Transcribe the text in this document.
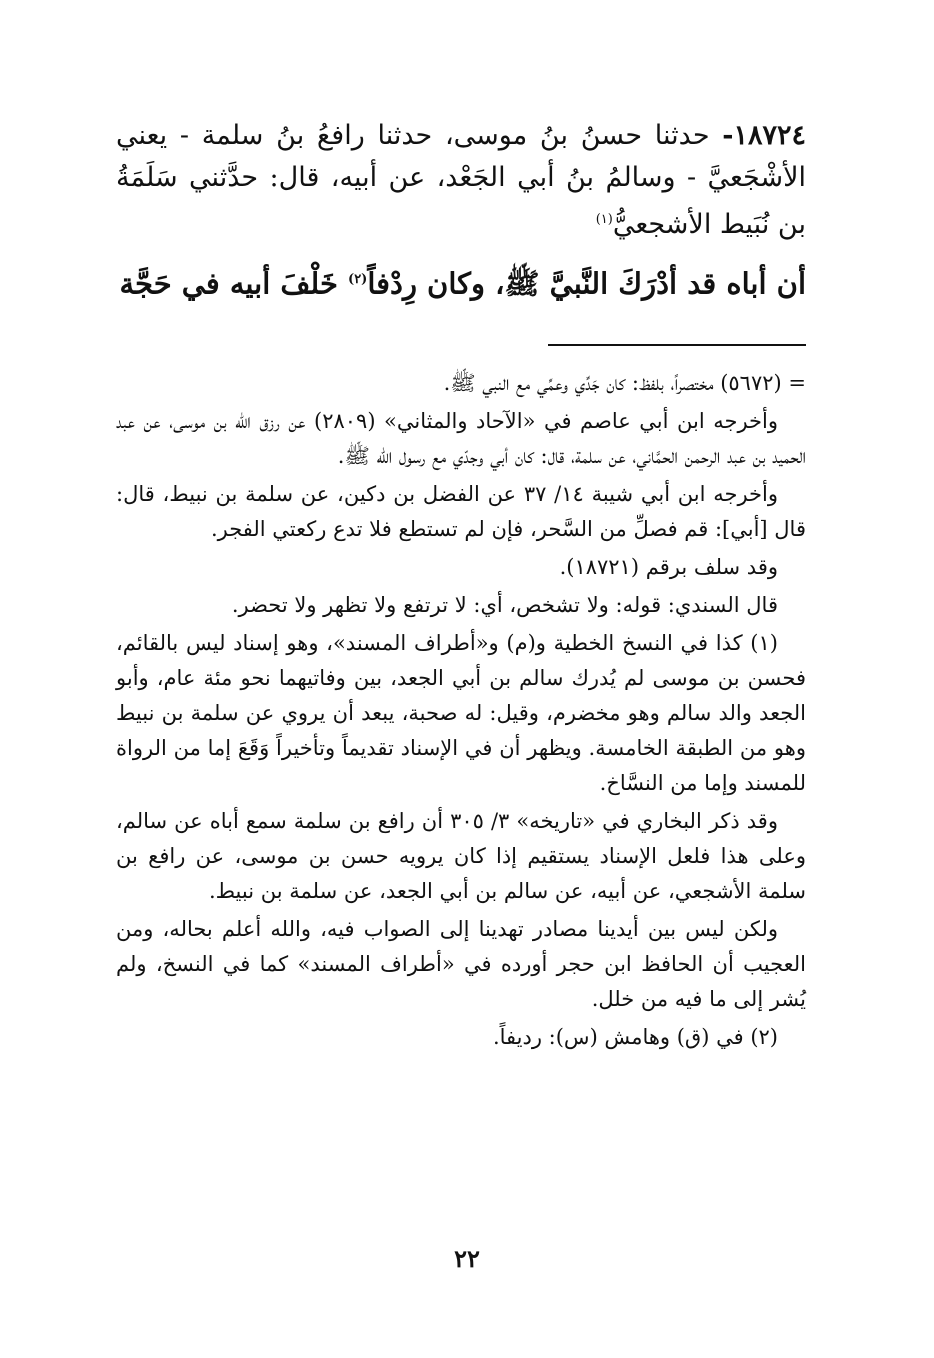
١٨٧٢٤- حدثنا حسنُ بنُ موسى، حدثنا رافعُ بنُ سلمة - يعني الأشْجَعيَّ - وسالمُ بنُ أبي الجَعْد، عن أبيه، قال: حدَّثني سَلَمَةُ بن نُبَيط الأشجعيُّ$^{(١)}$

أن أباه قد أدْرَكَ النَّبيَّ ﷺ، وكان رِدْفاً$^{(٢)}$ خَلْفَ أبيه في حَجَّة

= (٥٦٧٢) مختصراً، بلفظ: كان جَدِّي وعمِّي مع النبي ﷺ.

وأخرجه ابن أبي عاصم في «الآحاد والمثاني» (٢٨٠٩) عن رزق الله بن موسى، عن عبد الحميد بن عبد الرحمن الحمَّاني، عن سلمة، قال: كان أبي وجدّي مع رسول الله ﷺ.

وأخرجه ابن أبي شيبة ١٤/ ٣٧ عن الفضل بن دكين، عن سلمة بن نبيط، قال: قال [أبي]: قم فصلِّ من السَّحر، فإن لم تستطع فلا تدع ركعتي الفجر.

وقد سلف برقم (١٨٧٢١).

قال السندي: قوله: ولا تشخص، أي: لا ترتفع ولا تظهر ولا تحضر.

(١) كذا في النسخ الخطية و(م) و«أطراف المسند»، وهو إسناد ليس بالقائم، فحسن بن موسى لم يُدرك سالم بن أبي الجعد، بين وفاتيهما نحو مئة عام، وأبو الجعد والد سالم وهو مخضرم، وقيل: له صحبة، يبعد أن يروي عن سلمة بن نبيط وهو من الطبقة الخامسة. ويظهر أن في الإسناد تقديماً وتأخيراً وَقَعَ إما من الرواة للمسند وإما من النسَّاخ.

وقد ذكر البخاري في «تاريخه» ٣/ ٣٠٥ أن رافع بن سلمة سمع أباه عن سالم، وعلى هذا فلعل الإسناد يستقيم إذا كان يرويه حسن بن موسى، عن رافع بن سلمة الأشجعي، عن أبيه، عن سالم بن أبي الجعد، عن سلمة بن نبيط.

ولكن ليس بين أيدينا مصادر تهدينا إلى الصواب فيه، والله أعلم بحاله، ومن العجيب أن الحافظ ابن حجر أورده في «أطراف المسند» كما في النسخ، ولم يُشر إلى ما فيه من خلل.

(٢) في (ق) وهامش (س): رديفاً.

٢٢
